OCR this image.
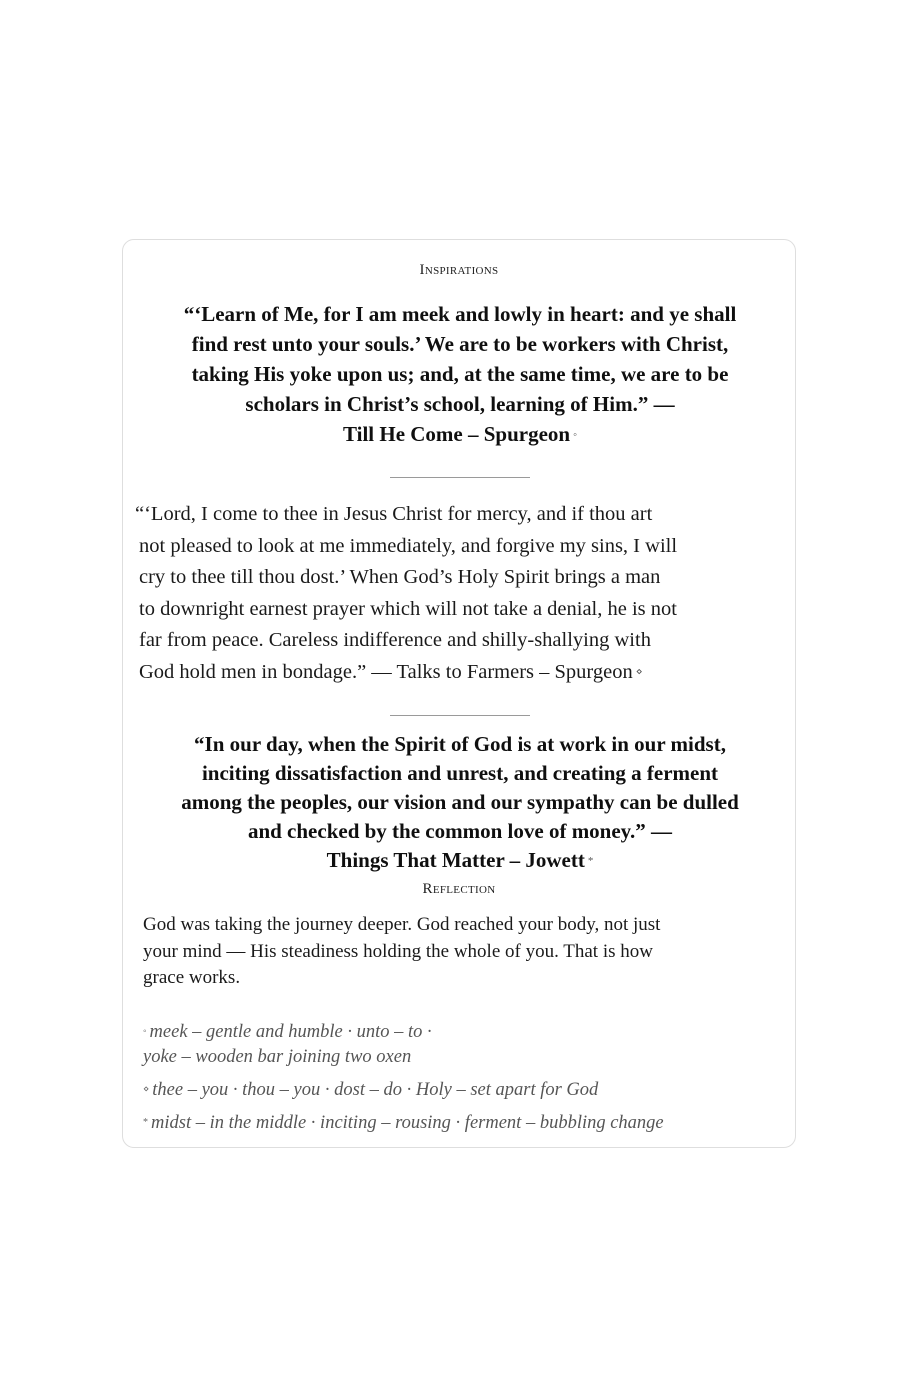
Inspirations
“‘Learn of Me, for I am meek and lowly in heart: and ye shall
find rest unto your souls.’ We are to be workers with Christ,
taking His yoke upon us; and, at the same time, we are to be
scholars in Christ’s school, learning of Him.” —
Till He Come – Spurgeon ◦
“‘Lord, I come to thee in Jesus Christ for mercy, and if thou art
not pleased to look at me immediately, and forgive my sins, I will
cry to thee till thou dost.’ When God’s Holy Spirit brings a man
to downright earnest prayer which will not take a denial, he is not
far from peace. Careless indifference and shilly-shallying with
God hold men in bondage.” — Talks to Farmers – Spurgeon ⋄
“In our day, when the Spirit of God is at work in our midst,
inciting dissatisfaction and unrest, and creating a ferment
among the peoples, our vision and our sympathy can be dulled
and checked by the common love of money.” —
Things That Matter – Jowett *
Reflection
God was taking the journey deeper. God reached your body, not just
your mind — His steadiness holding the whole of you. That is how
grace works.
◦ meek – gentle and humble · unto – to ·
yoke – wooden bar joining two oxen
⋄ thee – you · thou – you · dost – do · Holy – set apart for God
* midst – in the middle · inciting – rousing · ferment – bubbling change
